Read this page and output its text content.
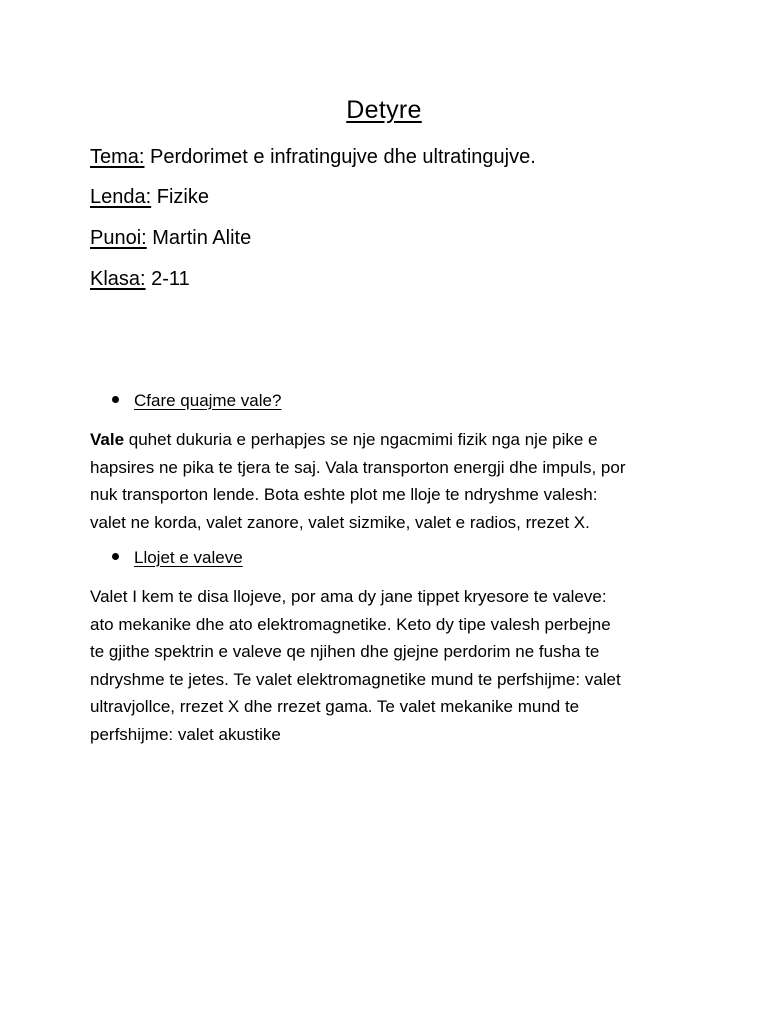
Detyre
Tema: Perdorimet e infratingujve dhe ultratingujve.
Lenda: Fizike
Punoi: Martin Alite
Klasa: 2-11
Cfare quajme vale?
Vale quhet dukuria e perhapjes se nje ngacmimi fizik nga nje pike e
hapsires ne pika te tjera te saj. Vala transporton energji dhe impuls, por
nuk transporton lende. Bota eshte plot me lloje te ndryshme valesh:
valet ne korda, valet zanore, valet sizmike, valet e radios, rrezet X.
Llojet e valeve
Valet I kem te disa llojeve, por ama dy jane tippet kryesore te valeve:
ato mekanike dhe ato elektromagnetike. Keto dy tipe valesh perbejne
te gjithe spektrin e valeve qe njihen dhe gjejne perdorim ne fusha te
ndryshme te jetes. Te valet elektromagnetike mund te perfshijme: valet
ultravjollce, rrezet X dhe rrezet gama. Te valet mekanike mund te
perfshijme: valet akustike
